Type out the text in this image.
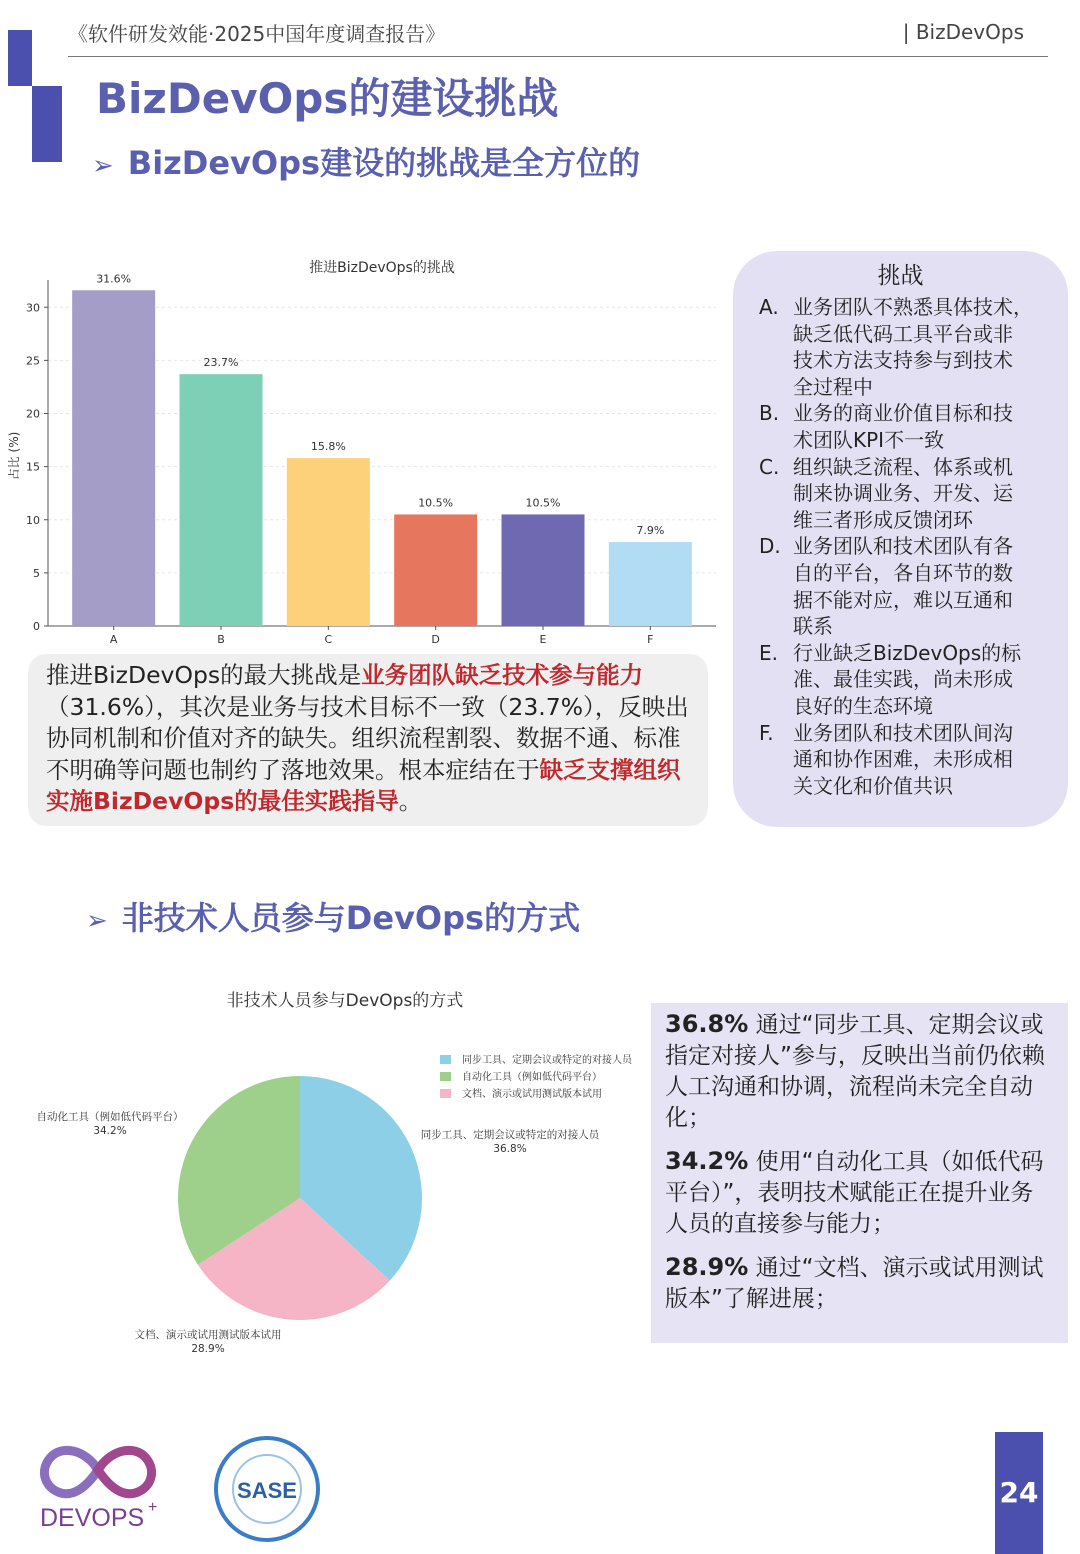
《软件研发效能·2025中国年度调查报告》	| BizDevOps
BizDevOps的建设挑战
➢ BizDevOps建设的挑战是全方位的
推进BizDevOps的挑战
0
5
10
15
20
25
30
占比 (%)
31.6%
A
23.7%
B
15.8%
C
10.5%
D
10.5%
E
7.9%
F
挑战
A. 业务团队不熟悉具体技术，
缺乏低代码工具平台或非
技术方法支持参与到技术
全过程中
B. 业务的商业价值目标和技
术团队KPI不一致
C. 组织缺乏流程、体系或机
制来协调业务、开发、运
维三者形成反馈闭环
D. 业务团队和技术团队有各
自的平台，各自环节的数
据不能对应，难以互通和
联系
E. 行业缺乏BizDevOps的标
准、最佳实践，尚未形成
良好的生态环境
F. 业务团队和技术团队间沟
通和协作困难，未形成相
关文化和价值共识
推进BizDevOps的最大挑战是业务团队缺乏技术参与能力（31.6%），其次是业务与技术目标不一致（23.7%），反映出协同机制和价值对齐的缺失。组织流程割裂、数据不通、标准不明确等问题也制约了落地效果。根本症结在于缺乏支撑组织实施BizDevOps的最佳实践指导。
➢ 非技术人员参与DevOps的方式
非技术人员参与DevOps的方式
同步工具、定期会议或特定的对接人员
36.8%
文档、演示或试用测试版本试用
28.9%
自动化工具（例如低代码平台）
34.2%
同步工具、定期会议或特定的对接人员
自动化工具（例如低代码平台）
文档、演示或试用测试版本试用

36.8% 通过“同步工具、定期会议或指定对接人”参与，反映出当前仍依赖人工沟通和协调，流程尚未完全自动化；

34.2% 使用“自动化工具（如低代码平台）”，表明技术赋能正在提升业务人员的直接参与能力；

28.9% 通过“文档、演示或试用测试版本”了解进展；

DEVOPS +
SASE	24
